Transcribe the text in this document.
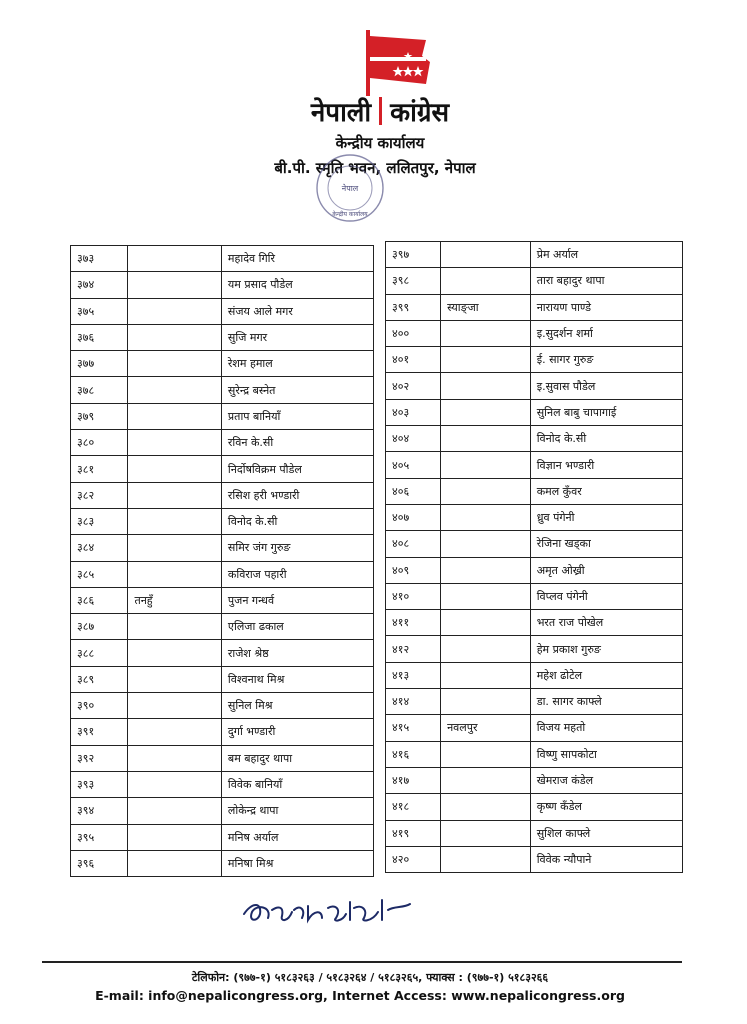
नेपाली कांग्रेस
केन्द्रीय कार्यालय
बी.पी. स्मृति भवन, ललितपुर, नेपाल
नेपाल
केन्द्रीय कार्यालय
३७३		महादेव गिरि
३७४		यम प्रसाद पौडेल
३७५		संजय आले मगर
३७६		सुजि मगर
३७७		रेशम हमाल
३७८		सुरेन्द्र बस्नेत
३७९		प्रताप बानियाँ
३८०		रविन के.सी
३८१		निर्दोषविक्रम पौडेल
३८२		रसिश हरी भण्डारी
३८३		विनोद के.सी
३८४		समिर जंग गुरुङ
३८५		कविराज पहारी
३८६	तनहुँ	पुजन गन्धर्व
३८७		एलिजा ढकाल
३८८		राजेश श्रेष्ठ
३८९		विश्वनाथ मिश्र
३९०		सुनिल मिश्र
३९१		दुर्गा भण्डारी
३९२		बम बहादुर थापा
३९३		विवेक बानियाँ
३९४		लोकेन्द्र थापा
३९५		मनिष अर्याल
३९६		मनिषा मिश्र
३९७		प्रेम अर्याल
३९८		तारा बहादुर थापा
३९९	स्याङ्जा	नारायण पाण्डे
४००		इ.सुदर्शन शर्मा
४०१		ई. सागर गुरुङ
४०२		इ.सुवास पौडेल
४०३		सुनिल बाबु चापागाई
४०४		विनोद के.सी
४०५		विज्ञान भण्डारी
४०६		कमल कुँवर
४०७		ध्रुव पंगेनी
४०८		रेजिना खड्का
४०९		अमृत ओख्री
४१०		विप्लव पंगेनी
४११		भरत राज पोखेल
४१२		हेम प्रकाश गुरुङ
४१३		महेश ढोटेल
४१४		डा. सागर काफ्ले
४१५	नवलपुर	विजय महतो
४१६		विष्णु सापकोटा
४१७		खेमराज कंडेल
४१८		कृष्ण कँडेल
४१९		सुशिल काफ्ले
४२०		विवेक न्यौपाने
कृष्णप्रसाद पौडेल
टेलिफोन: (९७७-१) ५१८३२६३ / ५१८३२६४ / ५१८३२६५, फ्याक्स : (९७७-१) ५१८३२६६
E-mail: info@nepalicongress.org, Internet Access: www.nepalicongress.org
